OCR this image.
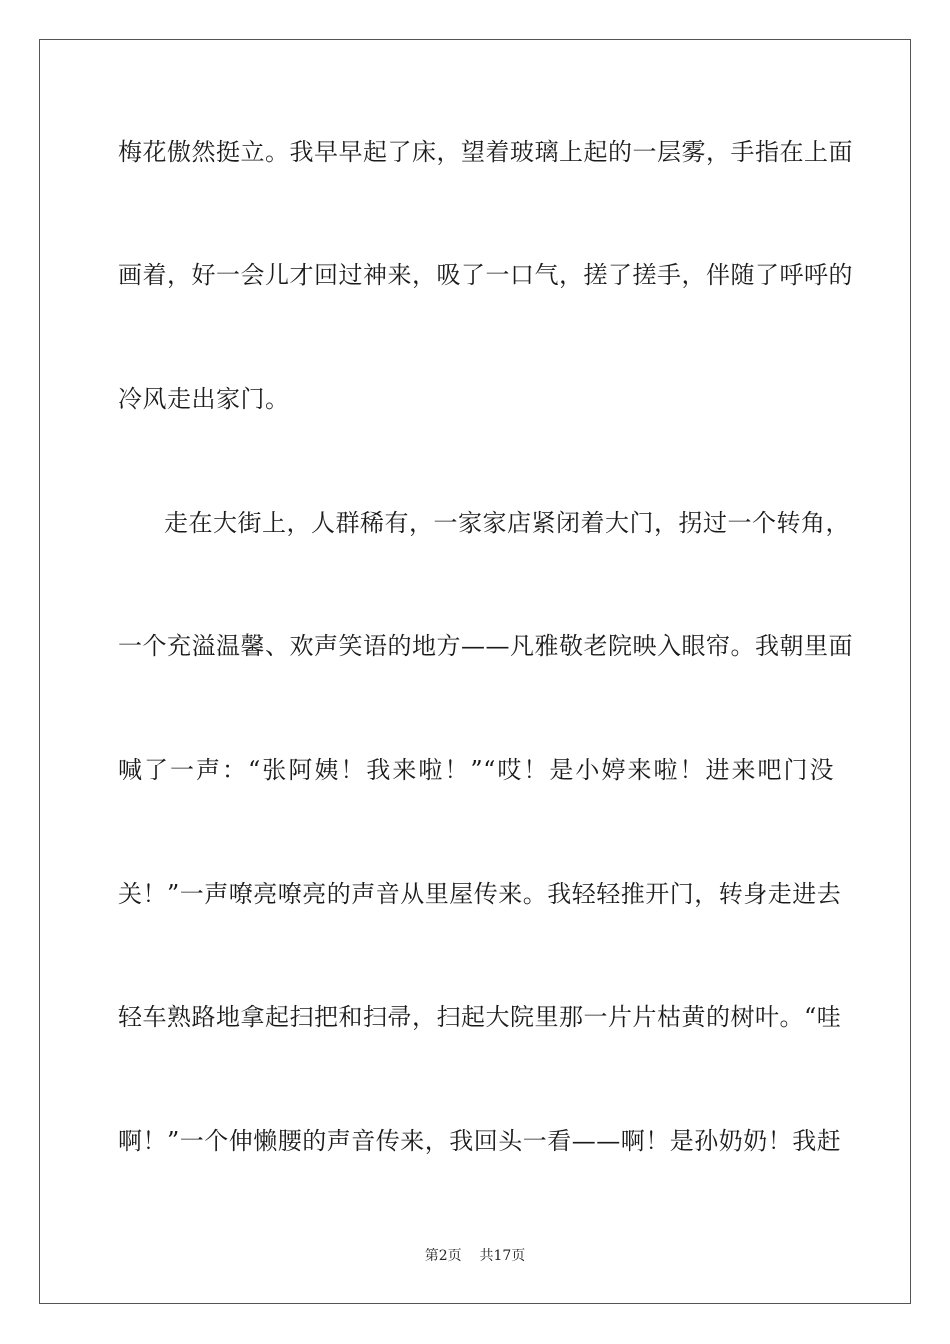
梅花傲然挺立。我早早起了床，望着玻璃上起的一层雾，手指在上面
画着，好一会儿才回过神来，吸了一口气，搓了搓手，伴随了呼呼的
冷风走出家门。
走在大街上，人群稀有，一家家店紧闭着大门，拐过一个转角，
一个充溢温馨、欢声笑语的地方——凡雅敬老院映入眼帘。我朝里面
喊了一声：“张阿姨！我来啦！”“哎！是小婷来啦！进来吧门没
关！”一声嘹亮嘹亮的声音从里屋传来。我轻轻推开门，转身走进去
轻车熟路地拿起扫把和扫帚，扫起大院里那一片片枯黄的树叶。“哇
啊！”一个伸懒腰的声音传来，我回头一看——啊！是孙奶奶！我赶
第2页 共17页
